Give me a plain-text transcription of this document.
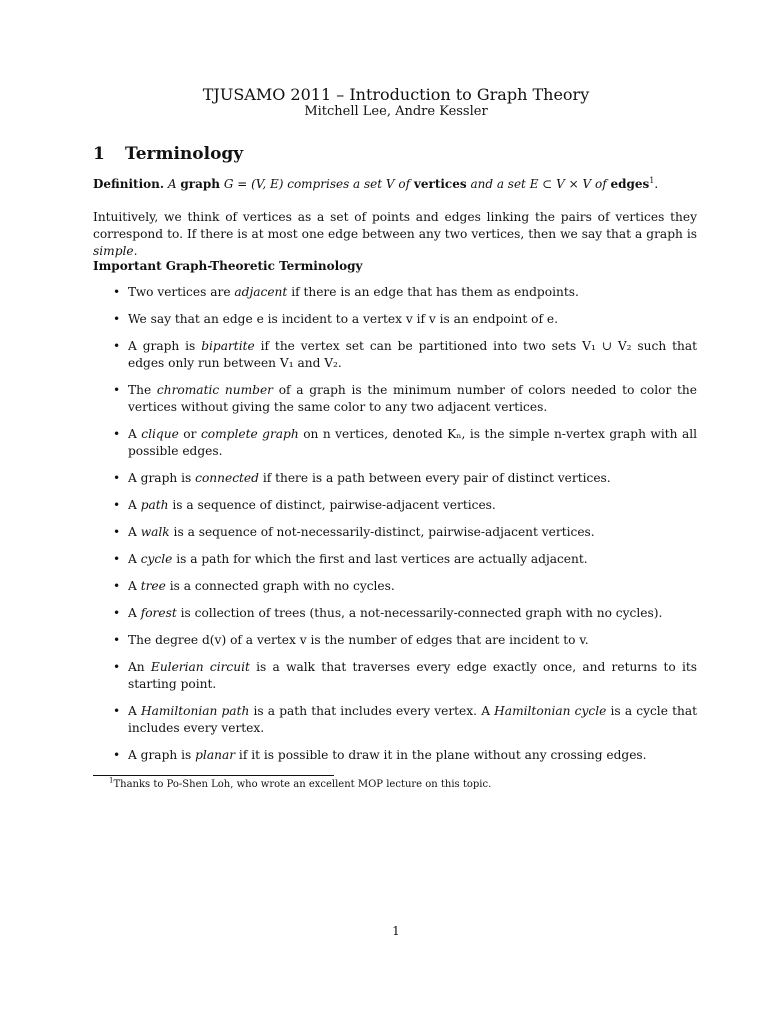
TJUSAMO 2011 – Introduction to Graph Theory
Mitchell Lee, Andre Kessler
1 Terminology
Definition. A graph G = (V, E) comprises a set V of vertices and a set E ⊂ V × V of edges$^1$.
Intuitively, we think of vertices as a set of points and edges linking the pairs of vertices they correspond to. If there is at most one edge between any two vertices, then we say that a graph is simple.
Important Graph-Theoretic Terminology
• Two vertices are adjacent if there is an edge that has them as endpoints.
• We say that an edge e is incident to a vertex v if v is an endpoint of e.
• A graph is bipartite if the vertex set can be partitioned into two sets V₁ ∪ V₂ such that edges only run between V₁ and V₂.
• The chromatic number of a graph is the minimum number of colors needed to color the vertices without giving the same color to any two adjacent vertices.
• A clique or complete graph on n vertices, denoted Kₙ, is the simple n-vertex graph with all possible edges.
• A graph is connected if there is a path between every pair of distinct vertices.
• A path is a sequence of distinct, pairwise-adjacent vertices.
• A walk is a sequence of not-necessarily-distinct, pairwise-adjacent vertices.
• A cycle is a path for which the first and last vertices are actually adjacent.
• A tree is a connected graph with no cycles.
• A forest is collection of trees (thus, a not-necessarily-connected graph with no cycles).
• The degree d(v) of a vertex v is the number of edges that are incident to v.
• An Eulerian circuit is a walk that traverses every edge exactly once, and returns to its starting point.
• A Hamiltonian path is a path that includes every vertex. A Hamiltonian cycle is a cycle that includes every vertex.
• A graph is planar if it is possible to draw it in the plane without any crossing edges.
$^1$Thanks to Po-Shen Loh, who wrote an excellent MOP lecture on this topic.
1
